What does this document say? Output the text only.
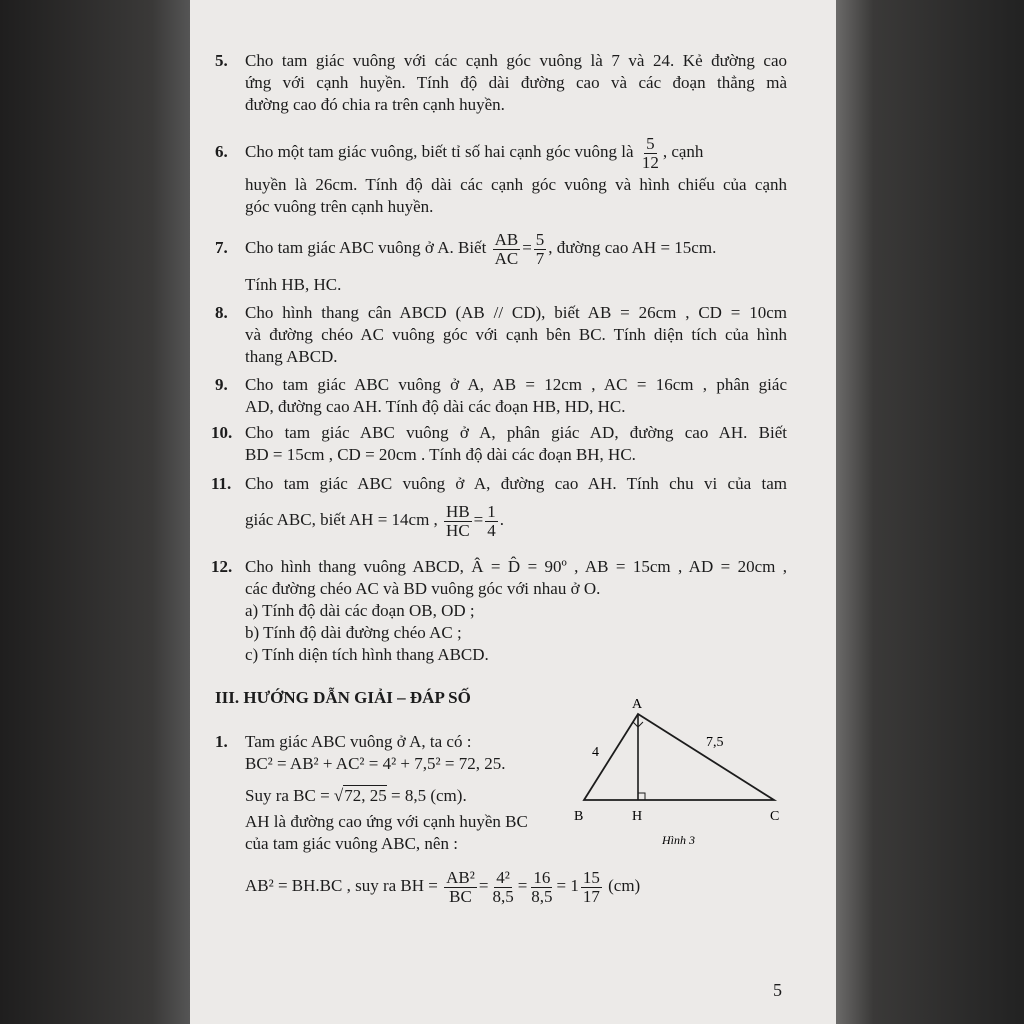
5. Cho tam giác vuông với các cạnh góc vuông là 7 và 24. Kẻ đường cao
ứng với cạnh huyền. Tính độ dài đường cao và các đoạn thẳng mà
đường cao đó chia ra trên cạnh huyền.
6. Cho một tam giác vuông, biết tỉ số hai cạnh góc vuông là $\frac{5}{12}$ , cạnh
huyền là 26cm. Tính độ dài các cạnh góc vuông và hình chiếu của cạnh
góc vuông trên cạnh huyền.
7. Cho tam giác ABC vuông ở A. Biết $\frac{AB}{AC} = \frac{5}{7}$ , đường cao AH = 15cm.
Tính HB, HC.
8. Cho hình thang cân ABCD (AB // CD), biết AB = 26cm , CD = 10cm
và đường chéo AC vuông góc với cạnh bên BC. Tính diện tích của hình
thang ABCD.
9. Cho tam giác ABC vuông ở A, AB = 12cm , AC = 16cm , phân giác
AD, đường cao AH. Tính độ dài các đoạn HB, HD, HC.
10. Cho tam giác ABC vuông ở A, phân giác AD, đường cao AH. Biết
BD = 15cm , CD = 20cm . Tính độ dài các đoạn BH, HC.
11. Cho tam giác ABC vuông ở A, đường cao AH. Tính chu vi của tam
giác ABC, biết AH = 14cm , $\frac{HB}{HC} = \frac{1}{4}$ .
12. Cho hình thang vuông ABCD, Â = D̂ = 90º , AB = 15cm , AD = 20cm ,
các đường chéo AC và BD vuông góc với nhau ở O.
a) Tính độ dài các đoạn OB, OD ;
b) Tính độ dài đường chéo AC ;
c) Tính diện tích hình thang ABCD.
III. HƯỚNG DẪN GIẢI – ĐÁP SỐ
1. Tam giác ABC vuông ở A, ta có :
BC² = AB² + AC² = 4² + 7,5² = 72, 25.
Suy ra BC = √72, 25 = 8,5 (cm).
AH là đường cao ứng với cạnh huyền BC
của tam giác vuông ABC, nên :
AB² = BH.BC , suy ra BH = $\frac{\text{AB²}}{BC} = \frac{\text{4²}}{8,5} = \frac{16}{8,5} = 1 \frac{15}{17} (cm)$
A
B	C
H
4
7,5
Hình 3
5
